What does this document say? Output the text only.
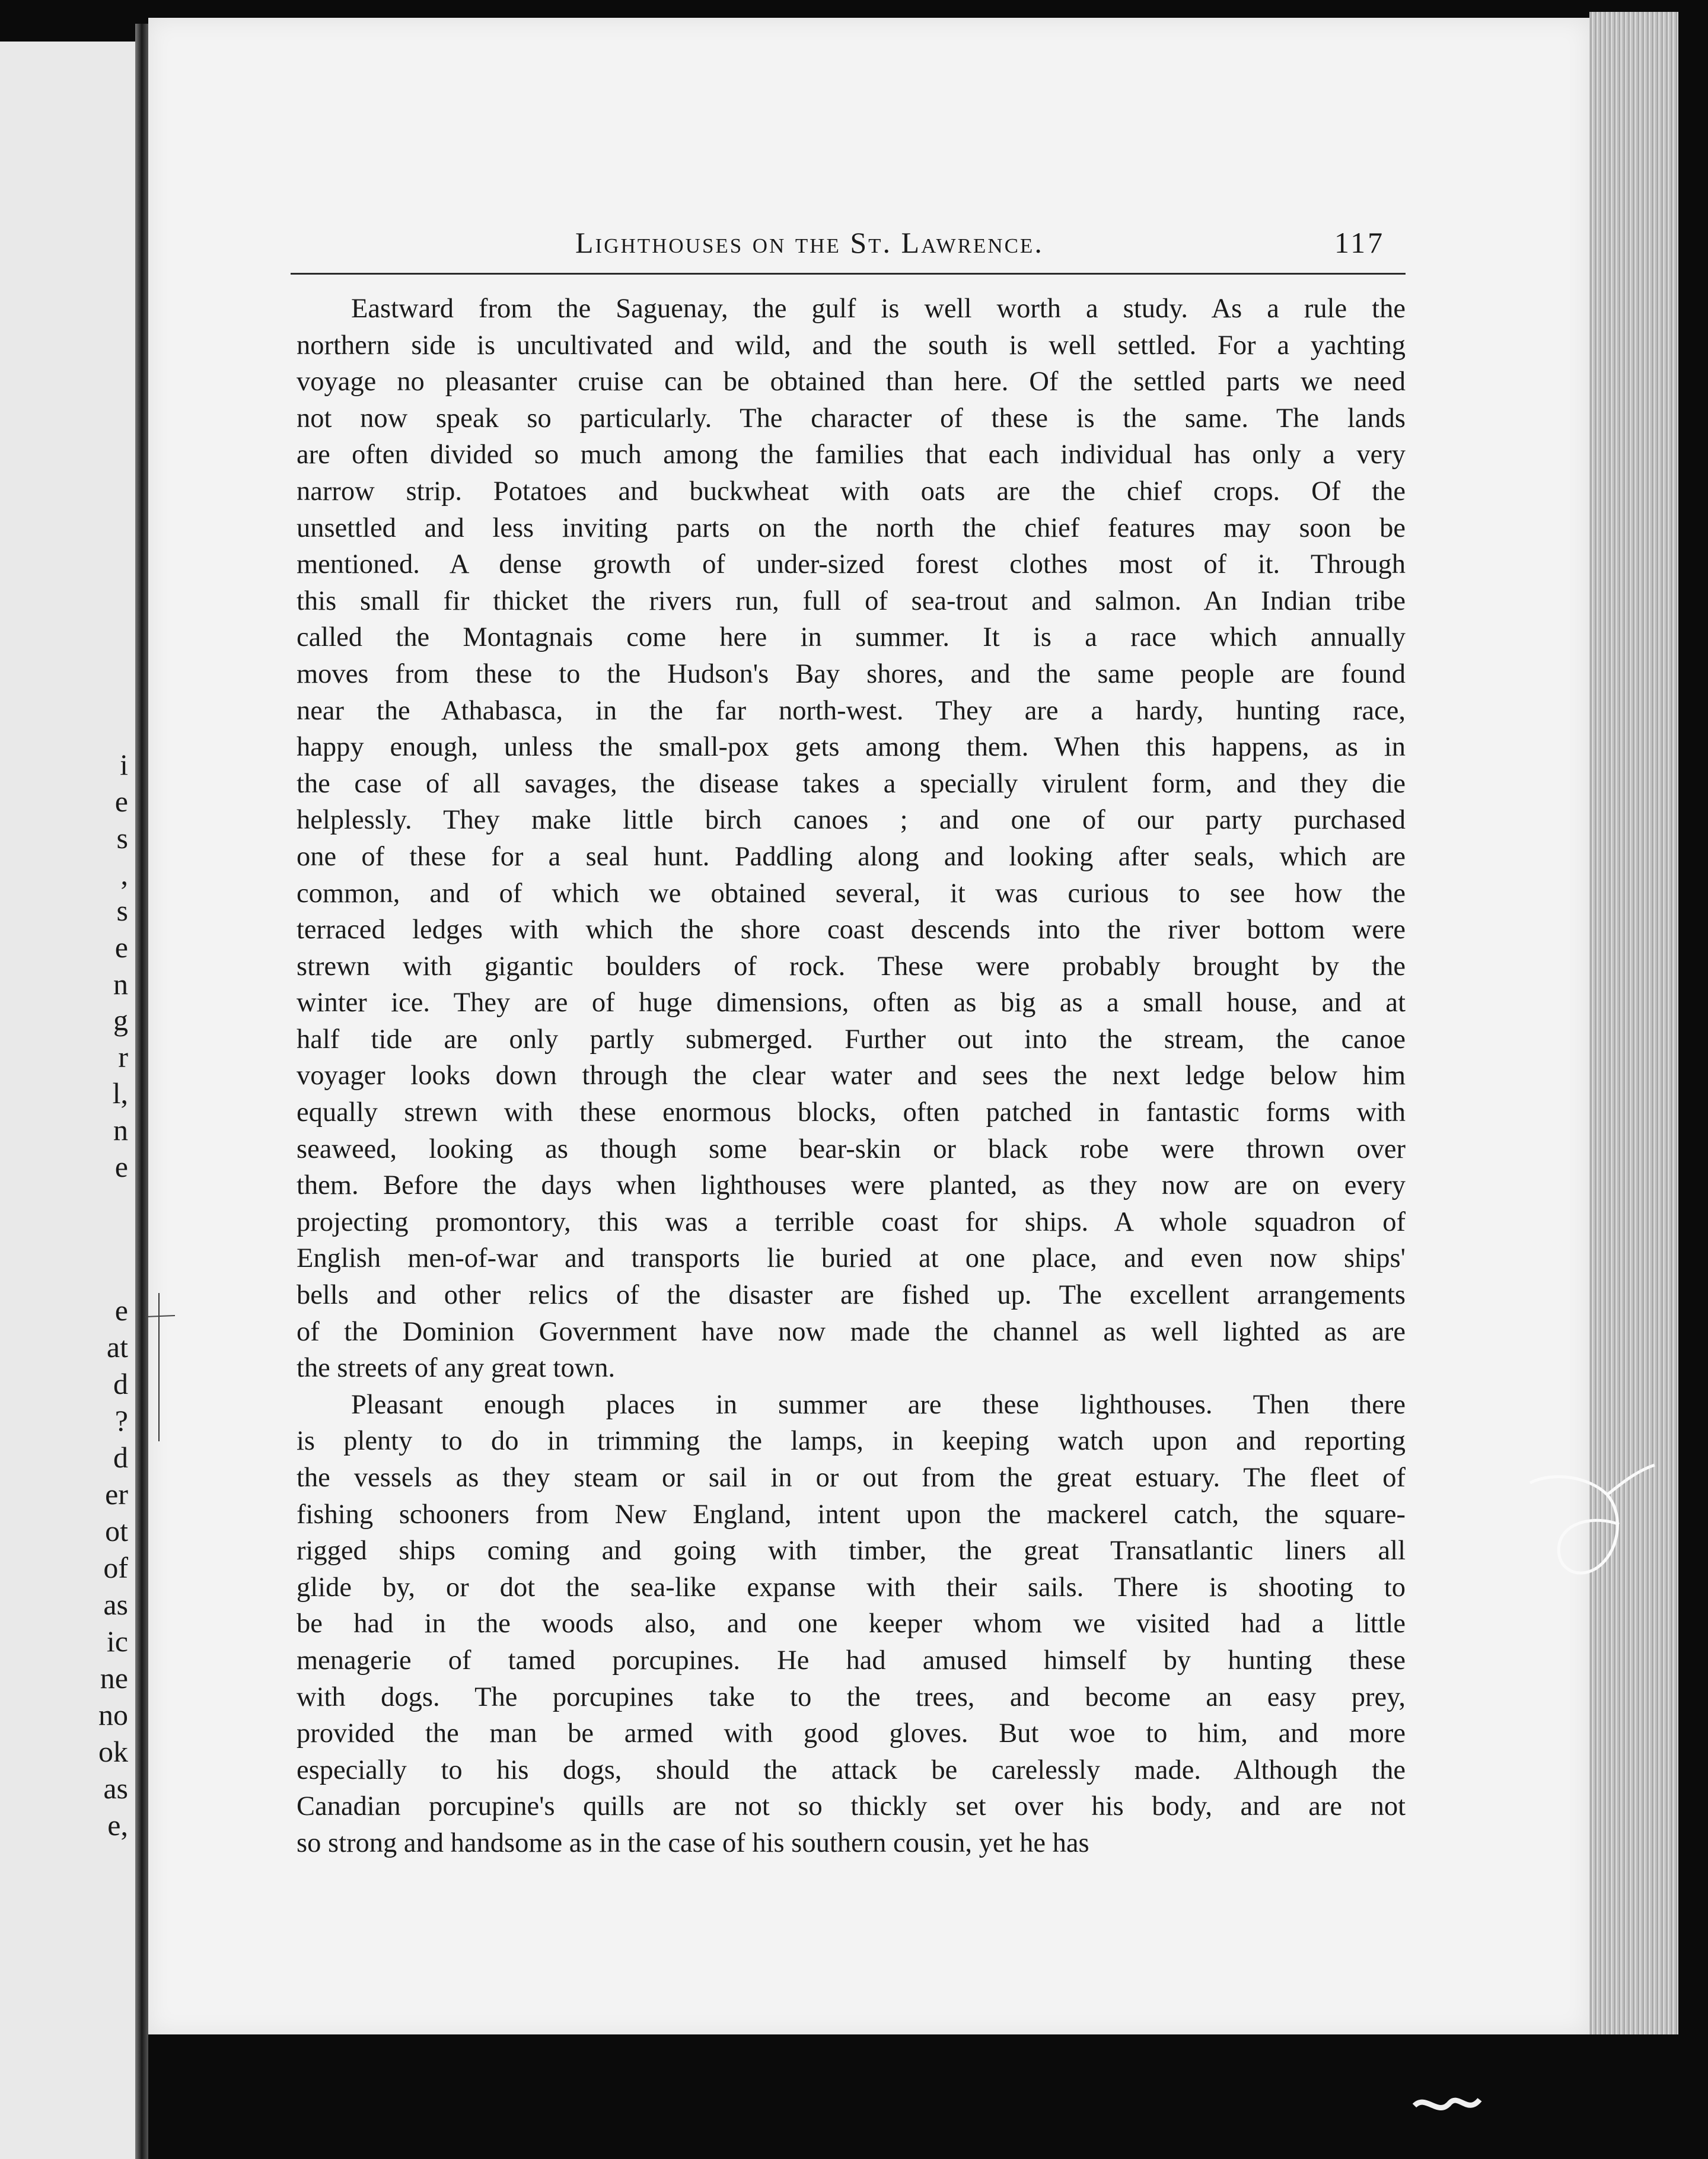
i
e
s
,
s
e
n
g
r
l,
n
e
e
at
d
?
d
er
ot
of
as
ic
ne
no
ok
as
e,
Lighthouses on the St. Lawrence.	117
Eastward from the Saguenay, the gulf is well worth a study. As a rule the
northern side is uncultivated and wild, and the south is well settled. For a yachting
voyage no pleasanter cruise can be obtained than here. Of the settled parts we need
not now speak so particularly. The character of these is the same. The lands
are often divided so much among the families that each individual has only a very
narrow strip. Potatoes and buckwheat with oats are the chief crops. Of the
unsettled and less inviting parts on the north the chief features may soon be
mentioned. A dense growth of under-sized forest clothes most of it. Through
this small fir thicket the rivers run, full of sea-trout and salmon. An Indian tribe
called the Montagnais come here in summer. It is a race which annually
moves from these to the Hudson's Bay shores, and the same people are found
near the Athabasca, in the far north-west. They are a hardy, hunting race,
happy enough, unless the small-pox gets among them. When this happens, as in
the case of all savages, the disease takes a specially virulent form, and they die
helplessly. They make little birch canoes ; and one of our party purchased
one of these for a seal hunt. Paddling along and looking after seals, which are
common, and of which we obtained several, it was curious to see how the
terraced ledges with which the shore coast descends into the river bottom were
strewn with gigantic boulders of rock. These were probably brought by the
winter ice. They are of huge dimensions, often as big as a small house, and at
half tide are only partly submerged. Further out into the stream, the canoe
voyager looks down through the clear water and sees the next ledge below him
equally strewn with these enormous blocks, often patched in fantastic forms with
seaweed, looking as though some bear-skin or black robe were thrown over
them. Before the days when lighthouses were planted, as they now are on every
projecting promontory, this was a terrible coast for ships. A whole squadron of
English men-of-war and transports lie buried at one place, and even now ships'
bells and other relics of the disaster are fished up. The excellent arrangements
of the Dominion Government have now made the channel as well lighted as are
the streets of any great town.
Pleasant enough places in summer are these lighthouses. Then there
is plenty to do in trimming the lamps, in keeping watch upon and reporting
the vessels as they steam or sail in or out from the great estuary. The fleet of
fishing schooners from New England, intent upon the mackerel catch, the square-
rigged ships coming and going with timber, the great Transatlantic liners all
glide by, or dot the sea-like expanse with their sails. There is shooting to
be had in the woods also, and one keeper whom we visited had a little
menagerie of tamed porcupines. He had amused himself by hunting these
with dogs. The porcupines take to the trees, and become an easy prey,
provided the man be armed with good gloves. But woe to him, and more
especially to his dogs, should the attack be carelessly made. Although the
Canadian porcupine's quills are not so thickly set over his body, and are not
so strong and handsome as in the case of his southern cousin, yet he has
